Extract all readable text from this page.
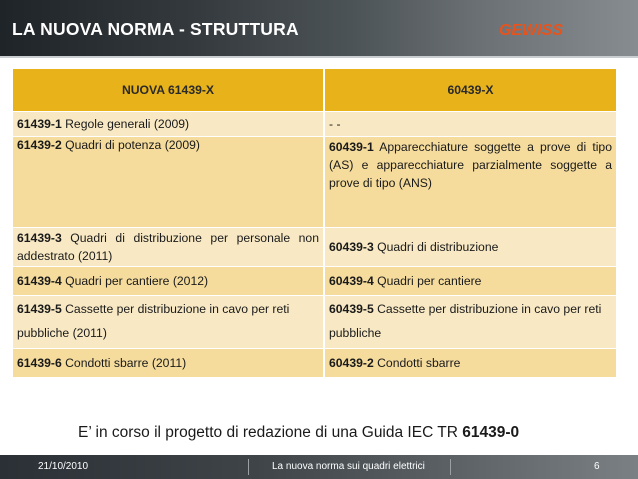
LA NUOVA NORMA - STRUTTURA	GEWISS
NUOVA 61439-X	60439-X
61439-1 Regole generali (2009)	- -
61439-2 Quadri di potenza (2009)	60439-1 Apparecchiature soggette a prove di tipo (AS) e apparecchiature parzialmente soggette a prove di tipo (ANS)
61439-3 Quadri di distribuzione per personale non addestrato (2011)	60439-3 Quadri di distribuzione
61439-4 Quadri per cantiere (2012)	60439-4 Quadri per cantiere
61439-5 Cassette per distribuzione in cavo per reti pubbliche (2011)	60439-5 Cassette per distribuzione in cavo per reti pubbliche
61439-6 Condotti sbarre (2011)	60439-2 Condotti sbarre
E’ in corso il progetto di redazione di una Guida IEC TR 61439-0
21/10/2010	La nuova norma sui quadri elettrici	6
